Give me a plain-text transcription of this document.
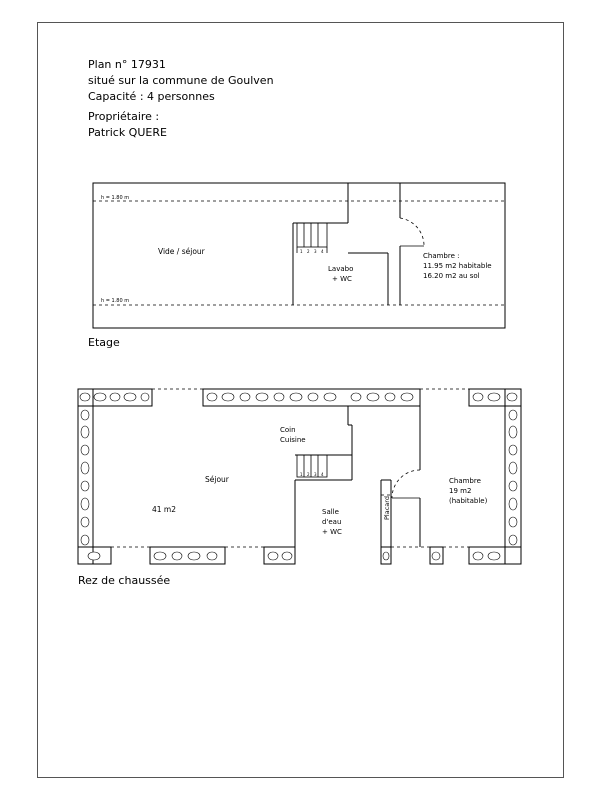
Plan n° 17931
situé sur la commune de Goulven
Capacité : 4 personnes
Propriétaire :
Patrick QUERE
h = 1.80 m
h = 1.80 m
Vide / séjour	1 2 3 4
Lavabo
+ WC
Chambre :
11.95 m2 habitable
16.20 m2 au sol
Etage
Coin
Cuisine
Séjour
41 m2
1 2 3 4
Salle
d'eau
+ WC
Placard
Chambre
19 m2
(habitable)
Rez de chaussée
